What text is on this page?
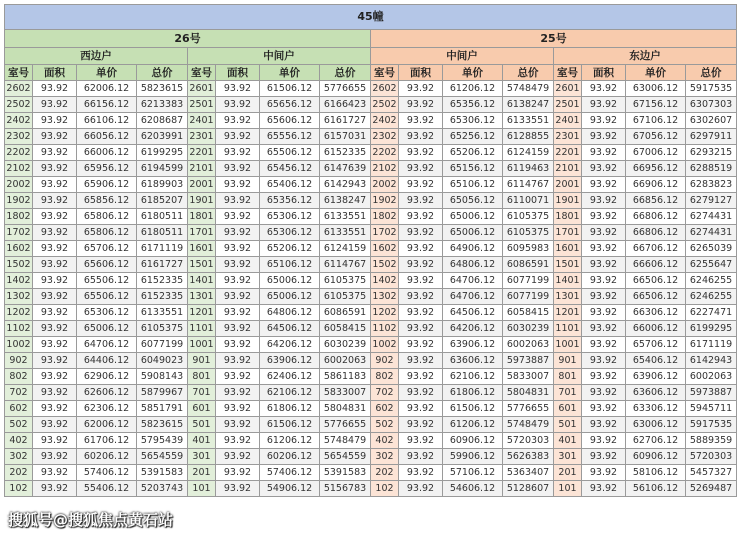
45幢															
26号								25号							
西边户				中间户				中间户				东边户			
室号	面积	单价	总价	室号	面积	单价	总价	室号	面积	单价	总价	室号	面积	单价	总价
2602	93.92	62006.12	5823615	2601	93.92	61506.12	5776655	2602	93.92	61206.12	5748479	2601	93.92	63006.12	5917535
2502	93.92	66156.12	6213383	2501	93.92	65656.12	6166423	2502	93.92	65356.12	6138247	2501	93.92	67156.12	6307303
2402	93.92	66106.12	6208687	2401	93.92	65606.12	6161727	2402	93.92	65306.12	6133551	2401	93.92	67106.12	6302607
2302	93.92	66056.12	6203991	2301	93.92	65556.12	6157031	2302	93.92	65256.12	6128855	2301	93.92	67056.12	6297911
2202	93.92	66006.12	6199295	2201	93.92	65506.12	6152335	2202	93.92	65206.12	6124159	2201	93.92	67006.12	6293215
2102	93.92	65956.12	6194599	2101	93.92	65456.12	6147639	2102	93.92	65156.12	6119463	2101	93.92	66956.12	6288519
2002	93.92	65906.12	6189903	2001	93.92	65406.12	6142943	2002	93.92	65106.12	6114767	2001	93.92	66906.12	6283823
1902	93.92	65856.12	6185207	1901	93.92	65356.12	6138247	1902	93.92	65056.12	6110071	1901	93.92	66856.12	6279127
1802	93.92	65806.12	6180511	1801	93.92	65306.12	6133551	1802	93.92	65006.12	6105375	1801	93.92	66806.12	6274431
1702	93.92	65806.12	6180511	1701	93.92	65306.12	6133551	1702	93.92	65006.12	6105375	1701	93.92	66806.12	6274431
1602	93.92	65706.12	6171119	1601	93.92	65206.12	6124159	1602	93.92	64906.12	6095983	1601	93.92	66706.12	6265039
1502	93.92	65606.12	6161727	1501	93.92	65106.12	6114767	1502	93.92	64806.12	6086591	1501	93.92	66606.12	6255647
1402	93.92	65506.12	6152335	1401	93.92	65006.12	6105375	1402	93.92	64706.12	6077199	1401	93.92	66506.12	6246255
1302	93.92	65506.12	6152335	1301	93.92	65006.12	6105375	1302	93.92	64706.12	6077199	1301	93.92	66506.12	6246255
1202	93.92	65306.12	6133551	1201	93.92	64806.12	6086591	1202	93.92	64506.12	6058415	1201	93.92	66306.12	6227471
1102	93.92	65006.12	6105375	1101	93.92	64506.12	6058415	1102	93.92	64206.12	6030239	1101	93.92	66006.12	6199295
1002	93.92	64706.12	6077199	1001	93.92	64206.12	6030239	1002	93.92	63906.12	6002063	1001	93.92	65706.12	6171119
902	93.92	64406.12	6049023	901	93.92	63906.12	6002063	902	93.92	63606.12	5973887	901	93.92	65406.12	6142943
802	93.92	62906.12	5908143	801	93.92	62406.12	5861183	802	93.92	62106.12	5833007	801	93.92	63906.12	6002063
702	93.92	62606.12	5879967	701	93.92	62106.12	5833007	702	93.92	61806.12	5804831	701	93.92	63606.12	5973887
602	93.92	62306.12	5851791	601	93.92	61806.12	5804831	602	93.92	61506.12	5776655	601	93.92	63306.12	5945711
502	93.92	62006.12	5823615	501	93.92	61506.12	5776655	502	93.92	61206.12	5748479	501	93.92	63006.12	5917535
402	93.92	61706.12	5795439	401	93.92	61206.12	5748479	402	93.92	60906.12	5720303	401	93.92	62706.12	5889359
302	93.92	60206.12	5654559	301	93.92	60206.12	5654559	302	93.92	59906.12	5626383	301	93.92	60906.12	5720303
202	93.92	57406.12	5391583	201	93.92	57406.12	5391583	202	93.92	57106.12	5363407	201	93.92	58106.12	5457327
102	93.92	55406.12	5203743	101	93.92	54906.12	5156783	102	93.92	54606.12	5128607	101	93.92	56106.12	5269487
搜狐号@搜狐焦点黄石站
